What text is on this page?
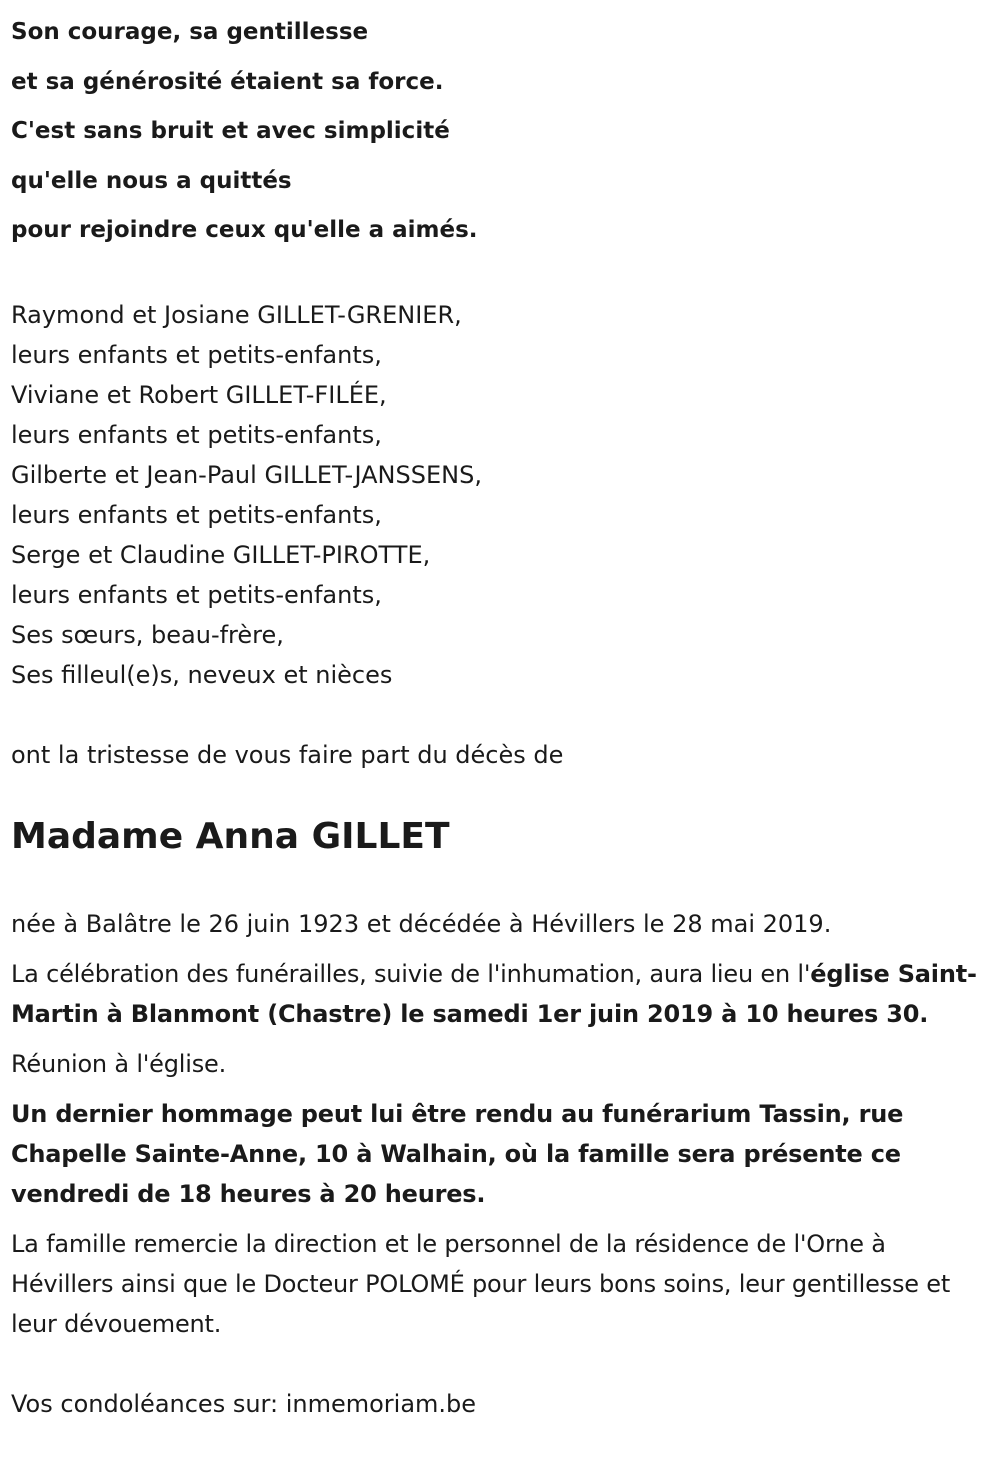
Son courage, sa gentillesse
et sa générosité étaient sa force.
C'est sans bruit et avec simplicité
qu'elle nous a quittés
pour rejoindre ceux qu'elle a aimés.
Raymond et Josiane GILLET-GRENIER,
leurs enfants et petits-enfants,
Viviane et Robert GILLET-FILÉE,
leurs enfants et petits-enfants,
Gilberte et Jean-Paul GILLET-JANSSENS,
leurs enfants et petits-enfants,
Serge et Claudine GILLET-PIROTTE,
leurs enfants et petits-enfants,
Ses sœurs, beau-frère,
Ses filleul(e)s, neveux et nièces
ont la tristesse de vous faire part du décès de
Madame Anna GILLET
née à Balâtre le 26 juin 1923 et décédée à Hévillers le 28 mai 2019.
La célébration des funérailles, suivie de l'inhumation, aura lieu en l'église Saint-Martin à Blanmont (Chastre) le samedi 1er juin 2019 à 10 heures 30.
Réunion à l'église.
Un dernier hommage peut lui être rendu au funérarium Tassin, rue Chapelle Sainte-Anne, 10 à Walhain, où la famille sera présente ce vendredi de 18 heures à 20 heures.
La famille remercie la direction et le personnel de la résidence de l'Orne à Hévillers ainsi que le Docteur POLOMÉ pour leurs bons soins, leur gentillesse et leur dévouement.
Vos condoléances sur: inmemoriam.be
